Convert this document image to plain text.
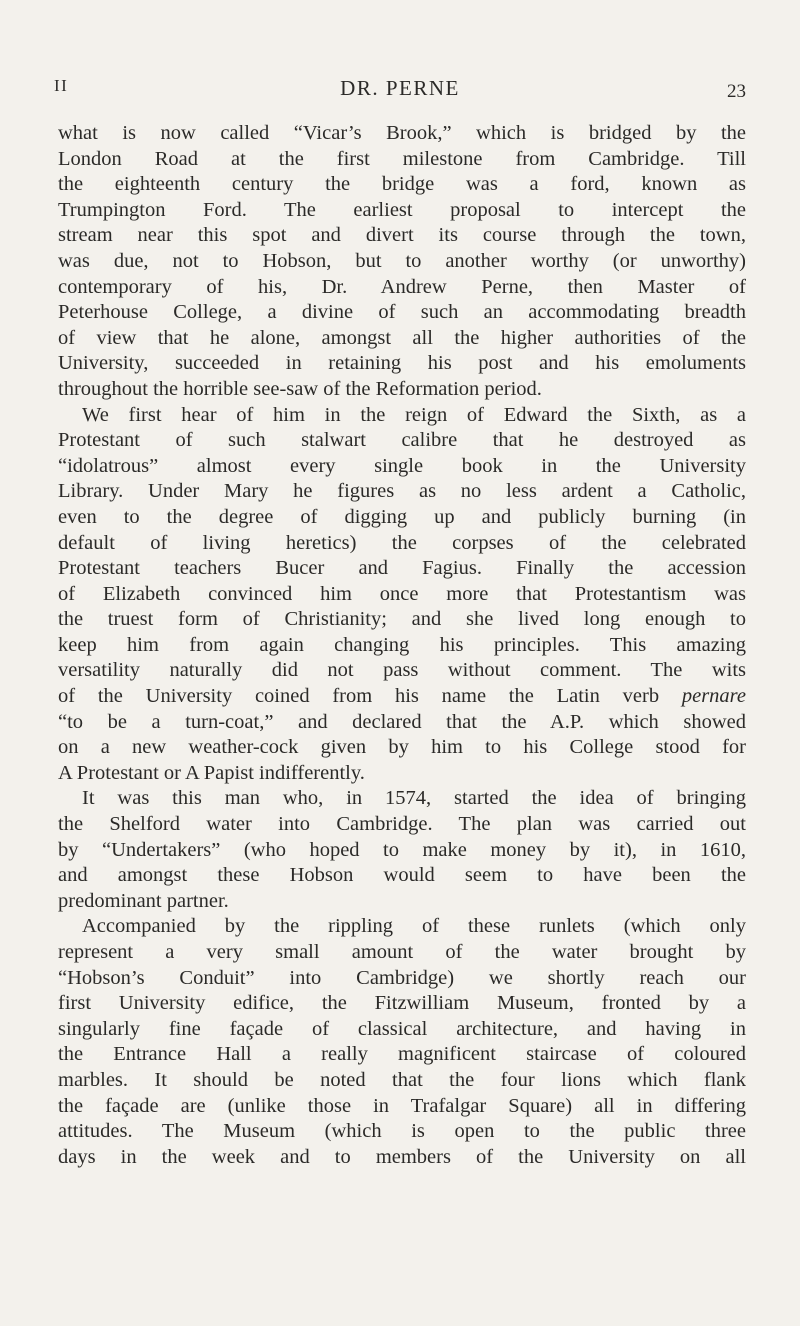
II	DR. PERNE	23
what is now called “Vicar’s Brook,” which is bridged by the
London Road at the first milestone from Cambridge. Till
the eighteenth century the bridge was a ford, known as
Trumpington Ford. The earliest proposal to intercept the
stream near this spot and divert its course through the town,
was due, not to Hobson, but to another worthy (or unworthy)
contemporary of his, Dr. Andrew Perne, then Master of
Peterhouse College, a divine of such an accommodating breadth
of view that he alone, amongst all the higher authorities of the
University, succeeded in retaining his post and his emoluments
throughout the horrible see-saw of the Reformation period.
We first hear of him in the reign of Edward the Sixth, as a
Protestant of such stalwart calibre that he destroyed as
“idolatrous” almost every single book in the University
Library. Under Mary he figures as no less ardent a Catholic,
even to the degree of digging up and publicly burning (in
default of living heretics) the corpses of the celebrated
Protestant teachers Bucer and Fagius. Finally the accession
of Elizabeth convinced him once more that Protestantism was
the truest form of Christianity; and she lived long enough to
keep him from again changing his principles. This amazing
versatility naturally did not pass without comment. The wits
of the University coined from his name the Latin verb pernare
“to be a turn-coat,” and declared that the A.P. which showed
on a new weather-cock given by him to his College stood for
A Protestant or A Papist indifferently.
It was this man who, in 1574, started the idea of bringing
the Shelford water into Cambridge. The plan was carried out
by “Undertakers” (who hoped to make money by it), in 1610,
and amongst these Hobson would seem to have been the
predominant partner.
Accompanied by the rippling of these runlets (which only
represent a very small amount of the water brought by
“Hobson’s Conduit” into Cambridge) we shortly reach our
first University edifice, the Fitzwilliam Museum, fronted by a
singularly fine façade of classical architecture, and having in
the Entrance Hall a really magnificent staircase of coloured
marbles. It should be noted that the four lions which flank
the façade are (unlike those in Trafalgar Square) all in differing
attitudes. The Museum (which is open to the public three
days in the week and to members of the University on all
